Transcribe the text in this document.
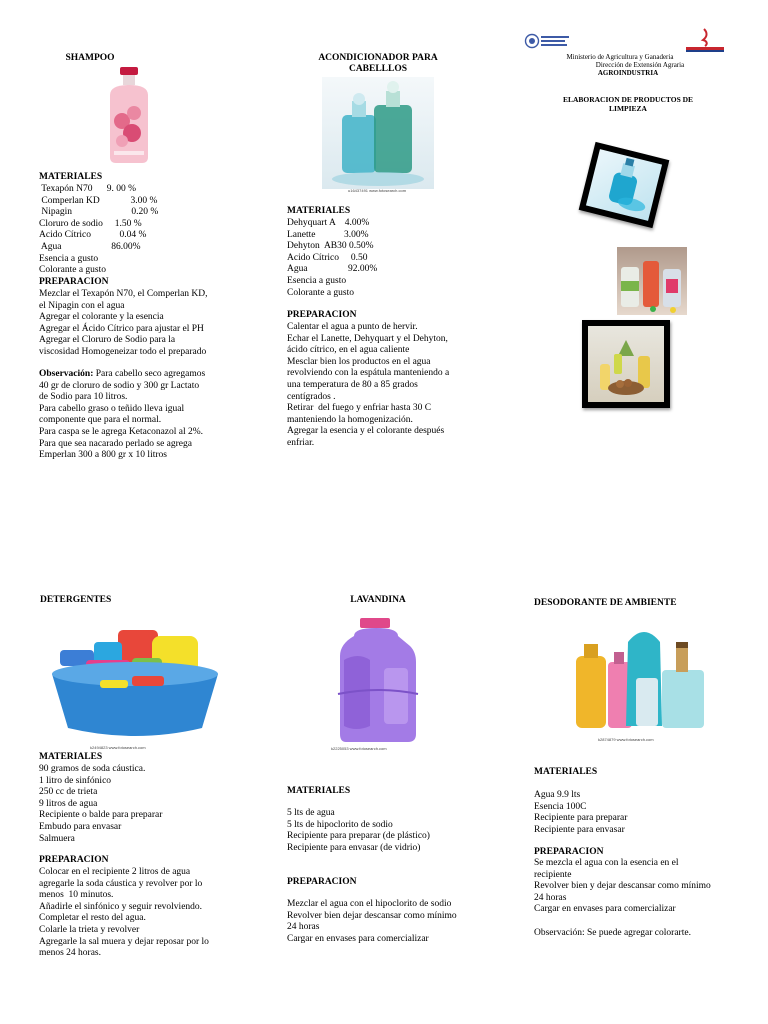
Ministerio de Agricultura y Ganaderia
Dirección de Extensión Agraria
AGROINDUSTRIA
ELABORACION DE PRODUCTOS DE LIMPIEZA
SHAMPOO
MATERIALES
Texapón N70      9. 00 %
Comperlan KD             3.00 %
Nipagin                         0.20 %
Cloruro de sodio     1.50 %
Acido Cítrico            0.04 %
Agua                     86.00%
Esencia a gusto
Colorante a gusto
PREPARACION
Mezclar el Texapón N70, el Comperlan KD,
el Nipagin con el agua
Agregar el colorante y la esencia
Agregar el Ácido Cítrico para ajustar el PH
Agregar el Cloruro de Sodio para la
viscosidad Homogeneizar todo el preparado
Observación: Para cabello seco agregamos
40 gr de cloruro de sodio y 300 gr Lactato
de Sodio para 10 litros.
Para cabello graso o teñido lleva igual
componente que para el normal.
Para caspa se le agrega Ketaconazol al 2%.
Para que sea nacarado perlado se agrega
Emperlan 300 a 800 gr x 10 litros
ACONDICIONADOR PARA
CABELLLOS
u16437491 www.fotosearch.com
MATERIALES
Dehyquart A    4.00%
Lanette            3.00%
Dehyton  AB30 0.50%
Acido Cítrico     0.50
Agua                 92.00%
Esencia a gusto
Colorante a gusto
PREPARACION
Calentar el agua a punto de hervir.
Echar el Lanette, Dehyquart y el Dehyton,
ácido cítrico, en el agua caliente
Mesclar bien los productos en el agua
revolviendo con la espátula manteniendo a
una temperatura de 80 a 85 grados
centígrados .
Retirar  del fuego y enfriar hasta 30 C
manteniendo la homogenización.
Agregar la esencia y el colorante después
enfriar.
DETERGENTES
k2494823 www.fotosearch.com
MATERIALES
90 gramos de soda cáustica.
1 litro de sinfónico
250 cc de trieta
9 litros de agua
Recipiente o balde para preparar
Embudo para envasar
Salmuera
PREPARACION
Colocar en el recipiente 2 litros de agua
agregarle la soda cáustica y revolver por lo
menos  10 minutos.
Añadirle el sinfónico y seguir revolviendo.
Completar el resto del agua.
Colarle la trieta y revolver
Agregarle la sal muera y dejar reposar por lo
menos 24 horas.
LAVANDINA
k2225053 www.fotosearch.com
MATERIALES
5 lts de agua
5 lts de hipoclorito de sodio
Recipiente para preparar (de plástico)
Recipiente para envasar (de vidrio)
PREPARACION
Mezclar el agua con el hipoclorito de sodio
Revolver bien dejar descansar como mínimo
24 horas
Cargar en envases para comercializar
DESODORANTE DE AMBIENTE
k2874879 www.fotosearch.com
MATERIALES
Agua 9.9 lts
Esencia 100C
Recipiente para preparar
Recipiente para envasar
PREPARACION
Se mezcla el agua con la esencia en el
recipiente
Revolver bien y dejar descansar como mínimo
24 horas
Cargar en envases para comercializar
Observación: Se puede agregar colorarte.
